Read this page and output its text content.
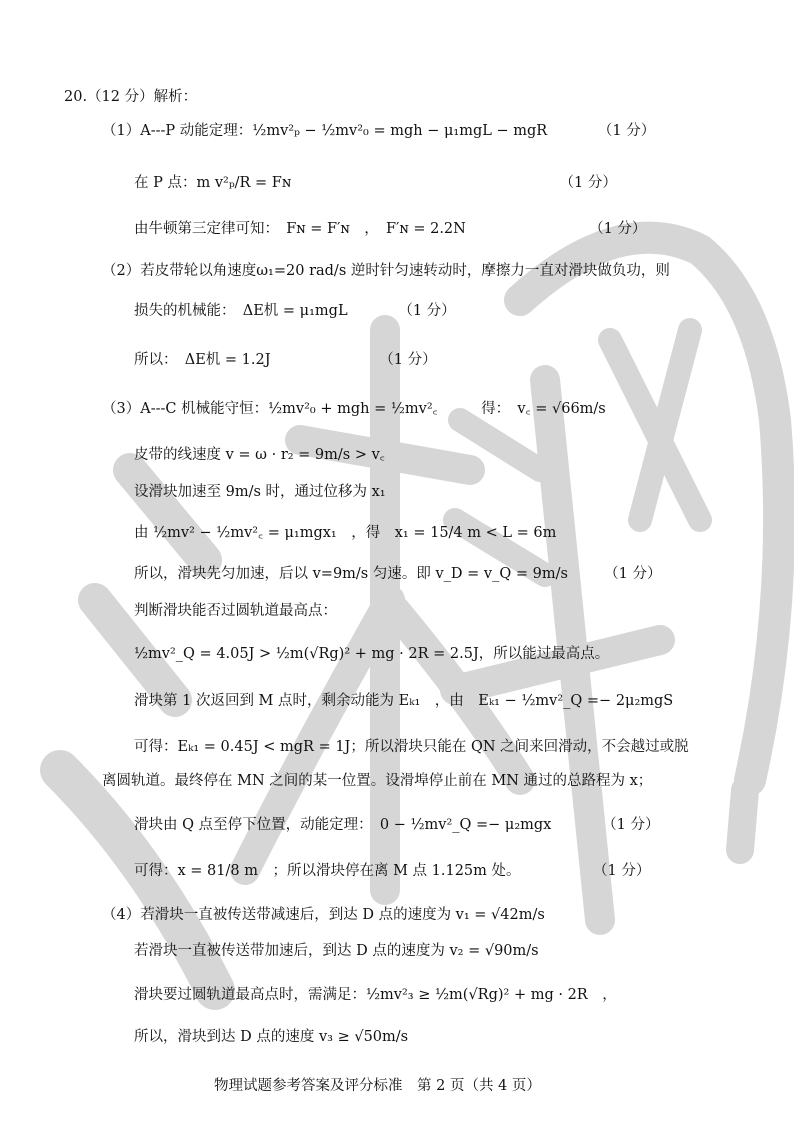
20.（12 分）解析：
（1）A---P 动能定理：½mv²ₚ − ½mv²₀ = mgh − μ₁mgL − mgR　　　　（1 分）
在 P 点：m v²ₚ/R = Fɴ　　　　　　　　　　　　　　　　　　　（1 分）
由牛顿第三定律可知：　Fɴ = F′ɴ　，　F′ɴ = 2.2N　　　　　　　　　（1 分）
（2）若皮带轮以角速度ω₁=20 rad/s 逆时针匀速转动时，摩擦力一直对滑块做负功，则
损失的机械能：　ΔE机 = μ₁mgL　　　　（1 分）
所以：　ΔE机 = 1.2J　　　　　　　　（1 分）
（3）A---C 机械能守恒：½mv²₀ + mgh = ½mv²꜀　　　得：　v꜀ = √66m/s
皮带的线速度 v = ω · r₂ = 9m/s > v꜀
设滑块加速至 9m/s 时，通过位移为 x₁
由 ½mv² − ½mv²꜀ = μ₁mgx₁　，得　x₁ = 15/4 m < L = 6m
所以，滑块先匀加速，后以 v=9m/s 匀速。即 v_D = v_Q = 9m/s　　　（1 分）
判断滑块能否过圆轨道最高点：
½mv²_Q = 4.05J > ½m(√Rg)² + mg · 2R = 2.5J，所以能过最高点。
滑块第 1 次返回到 M 点时，剩余动能为 Eₖ₁　，由　Eₖ₁ − ½mv²_Q =− 2μ₂mgS
可得：Eₖ₁ = 0.45J < mgR = 1J；所以滑块只能在 QN 之间来回滑动，不会越过或脱
离圆轨道。最终停在 MN 之间的某一位置。设滑埠停止前在 MN 通过的总路程为 x；
滑块由 Q 点至停下位置，动能定理：　0 − ½mv²_Q =− μ₂mgx　　　　（1 分）
可得：x = 81/8 m　；所以滑块停在离 M 点 1.125m 处。　　　　　　（1 分）
（4）若滑块一直被传送带减速后，到达 D 点的速度为 v₁ = √42m/s
若滑块一直被传送带加速后，到达 D 点的速度为 v₂ = √90m/s
滑块要过圆轨道最高点时，需满足：½mv²₃ ≥ ½m(√Rg)² + mg · 2R　，
所以，滑块到达 D 点的速度 v₃ ≥ √50m/s
物理试题参考答案及评分标准　第 2 页（共 4 页）
